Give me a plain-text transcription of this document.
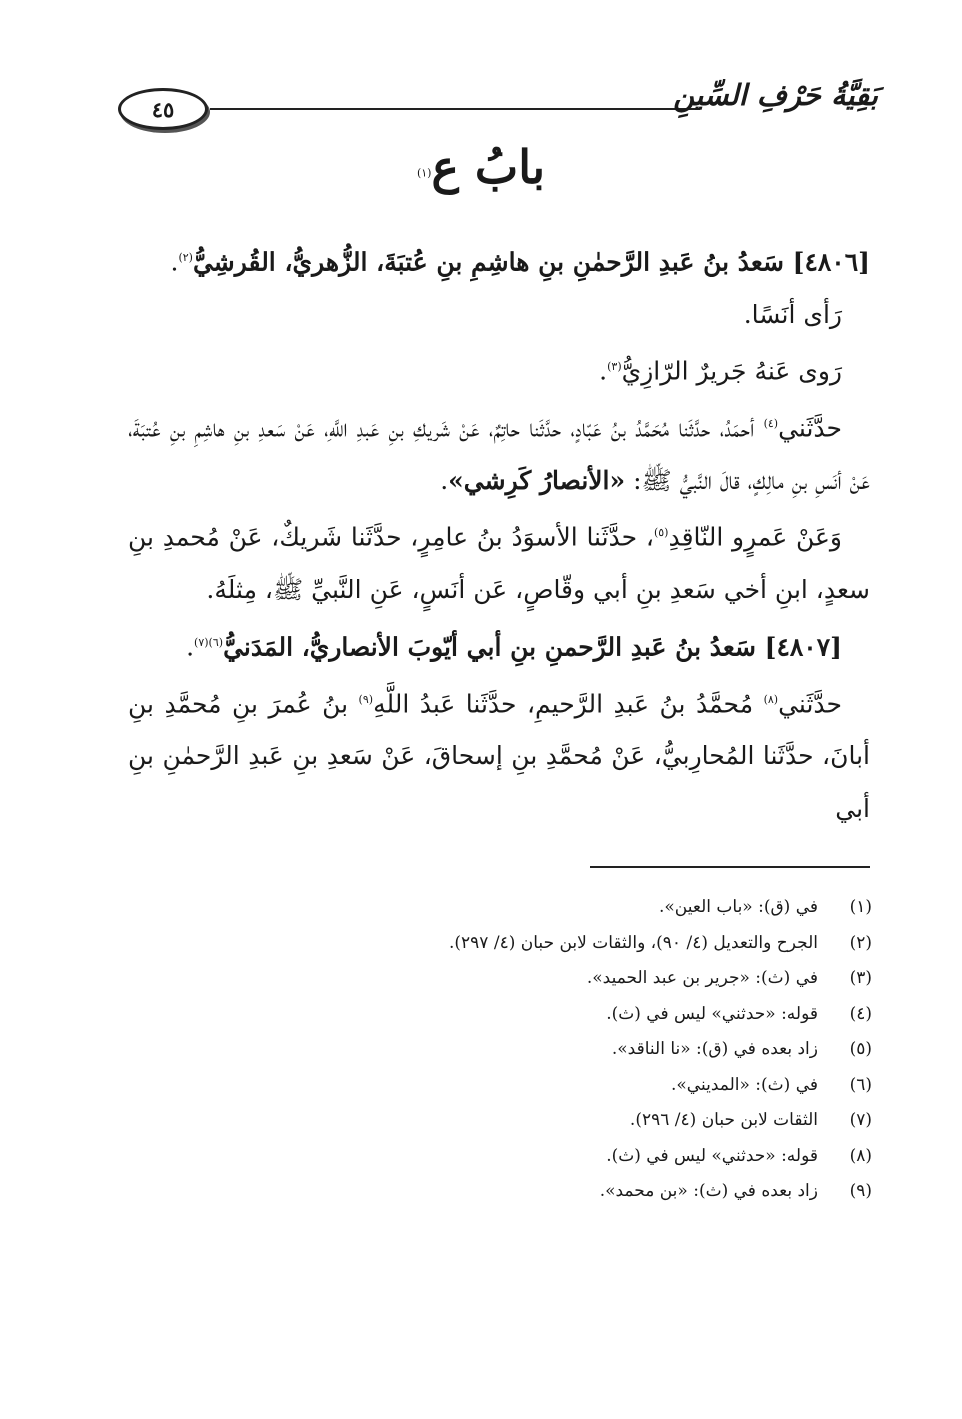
٤٥	بَقِيَّةُ حَرْفِ السِّينِ
بابُ ع$^{(١)}$

[٤٨٠٦] سَعدُ بنُ عَبدِ الرَّحمٰنِ بنِ هاشِمِ بنِ عُتبَةَ، الزُّهريُّ، القُرشِيُّ$^{(٢)}$.

رَأى أنَسًا.

رَوى عَنهُ جَريرٌ الرّازِيُّ$^{(٣)}$.

حدَّثَني$^{(٤)}$ أحمَدُ، حدَّثَنا مُحَمَّدُ بنُ عَبّادٍ، حدَّثَنا حاتِمٌ، عَنْ شَريكِ بنِ عَبدِ اللَّهِ، عَنْ سَعدِ بنِ هاشِمِ بنِ عُتبَةَ، عَنْ أنَسِ بنِ مالِكٍ، قالَ النَّبيُّ ﷺ: «الأنصارُ كَرِشي».

وَعَنْ عَمرٍو النّاقِدِ$^{(٥)}$، حدَّثَنا الأسوَدُ بنُ عامِرٍ، حدَّثَنا شَريكٌ، عَنْ مُحمدِ بنِ سعدٍ، ابنِ أخي سَعدِ بنِ أبي وقّاصٍ، عَن أنَسٍ، عَنِ النَّبيِّ ﷺ، مِثلَهُ.

[٤٨٠٧] سَعدُ بنُ عَبدِ الرَّحمنِ بنِ أبي أيّوبَ الأنصاريُّ، المَدَنيُّ$^{(٦)(٧)}$.

حدَّثَني$^{(٨)}$ مُحمَّدُ بنُ عَبدِ الرَّحيمِ، حدَّثَنا عَبدُ اللَّهِ$^{(٩)}$ بنُ عُمرَ بنِ مُحمَّدِ بنِ أبانَ، حدَّثَنا المُحارِبيُّ، عَنْ مُحمَّدِ بنِ إسحاقَ، عَنْ سَعدِ بنِ عَبدِ الرَّحمٰنِ بنِ أبي

(١)في (ق): «باب العين».
(٢)الجرح والتعديل (٤/ ٩٠)، والثقات لابن حبان (٤/ ٢٩٧).
(٣)في (ث): «جرير بن عبد الحميد».
(٤)قوله: «حدثني» ليس في (ث).
(٥)زاد بعده في (ق): «نا الناقد».
(٦)في (ث): «المديني».
(٧)الثقات لابن حبان (٤/ ٢٩٦).
(٨)قوله: «حدثني» ليس في (ث).
(٩)زاد بعده في (ث): «بن محمد».
